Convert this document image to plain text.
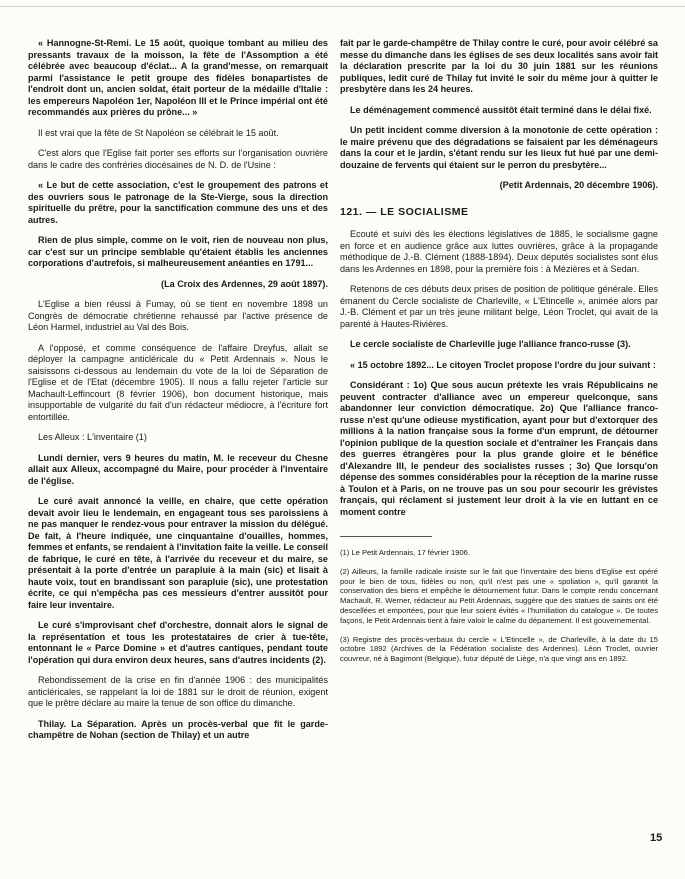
« Hannogne-St-Remi. Le 15 août, quoique tombant au milieu des pressants travaux de la moisson, la fête de l'Assomption a été célébrée avec beaucoup d'éclat... A la grand'messe, on remarquait parmi l'assistance le petit groupe des fidèles bonapartistes de l'endroit dont un, ancien soldat, était porteur de la médaille d'Italie : les empereurs Napoléon 1er, Napoléon III et le Prince impérial ont été recommandés aux prières du prône... »

Il est vrai que la fête de St Napoléon se célébrait le 15 août.

C'est alors que l'Eglise fait porter ses efforts sur l'organisation ouvrière dans le cadre des confréries diocésaines de N. D. de l'Usine :

« Le but de cette association, c'est le groupement des patrons et des ouvriers sous le patronage de la Ste-Vierge, sous la direction spirituelle du prêtre, pour la sanctification commune des uns et des autres.

Rien de plus simple, comme on le voit, rien de nouveau non plus, car c'est sur un principe semblable qu'étaient établis les anciennes corporations d'autrefois, si malheureusement anéanties en 1791...

(La Croix des Ardennes, 29 août 1897).

L'Eglise a bien réussi à Fumay, où se tient en novembre 1898 un Congrès de démocratie chrétienne rehaussé par l'active présence de Léon Harmel, industriel au Val des Bois.

A l'opposé, et comme conséquence de l'affaire Dreyfus, allait se déployer la campagne anticléricale du « Petit Ardennais ». Nous le saisissons ci-dessous au lendemain du vote de la loi de Séparation de l'Eglise et de l'Etat (décembre 1905). Il nous a fallu rejeter l'article sur Machault-Leffincourt (8 février 1906), bon document historique, mais insupportable de vulgarité du fait d'un rédacteur médiocre, à l'écriture fort entortillée.

Les Alleux : L'inventaire (1)

Lundi dernier, vers 9 heures du matin, M. le receveur du Chesne allait aux Alleux, accompagné du Maire, pour procéder à l'inventaire de l'église.

Le curé avait annoncé la veille, en chaire, que cette opération devait avoir lieu le lendemain, en engageant tous ses paroissiens à ne pas manquer le rendez-vous pour entraver la mission du délégué. De fait, à l'heure indiquée, une cinquantaine d'ouailles, hommes, femmes et enfants, se rendaient à l'invitation faite la veille. Le conseil de fabrique, le curé en tête, à l'arrivée du receveur et du maire, se présentait à la porte d'entrée un parapluie à la main (sic) et lisait à haute voix, tout en brandissant son parapluie (sic), une protestation écrite, ce qui n'empêcha pas ces messieurs d'entrer aussitôt pour faire leur inventaire.

Le curé s'improvisant chef d'orchestre, donnait alors le signal de la représentation et tous les protestataires de crier à tue-tête, entonnant le « Parce Domine » et d'autres cantiques, pendant toute l'opération qui dura environ deux heures, sans d'autres incidents (2).

Rebondissement de la crise en fin d'année 1906 : des municipalités anticléricales, se rappelant la loi de 1881 sur le droit de réunion, exigent que le prêtre déclare au maire la tenue de son office du dimanche.

Thilay. La Séparation. Après un procès-verbal que fit le garde-champêtre de Nohan (section de Thilay) et un autre

fait par le garde-champêtre de Thilay contre le curé, pour avoir célébré sa messe du dimanche dans les églises de ses deux localités sans avoir fait la déclaration prescrite par la loi du 30 juin 1881 sur les réunions publiques, ledit curé de Thilay fut invité le soir du même jour à quitter le presbytère dans les 24 heures.

Le déménagement commencé aussitôt était terminé dans le délai fixé.

Un petit incident comme diversion à la monotonie de cette opération : le maire prévenu que des dégradations se faisaient par les déménageurs dans la cour et le jardin, s'étant rendu sur les lieux fut hué par une demi-douzaine de fervents qui étaient sur le perron du presbytère...

(Petit Ardennais, 20 décembre 1906).

121. — LE SOCIALISME

Ecouté et suivi dès les élections législatives de 1885, le socialisme gagne en force et en audience grâce aux luttes ouvrières, grâce à la propagande méthodique de J.-B. Clément (1888-1894). Deux députés socialistes sont élus dans les Ardennes en 1898, pour la première fois : à Mézières et à Sedan.

Retenons de ces débuts deux prises de position de politique générale. Elles émanent du Cercle socialiste de Charleville, « L'Etincelle », animée alors par J.-B. Clément et par un très jeune militant belge, Léon Troclet, qui avait de la parenté à Hautes-Rivières.

Le cercle socialiste de Charleville juge l'alliance franco-russe (3).

« 15 octobre 1892... Le citoyen Troclet propose l'ordre du jour suivant :

Considérant : 1o) Que sous aucun prétexte les vrais Républicains ne peuvent contracter d'alliance avec un empereur quelconque, sans abandonner leur conviction démocratique. 2o) Que l'alliance franco-russe n'est qu'une odieuse mystification, ayant pour but d'extorquer des millions à la nation française sous la forme d'un emprunt, de détourner l'opinion publique de la question sociale et d'entraîner les Français dans des guerres étrangères pour la plus grande gloire et le bénéfice d'Alexandre III, le pendeur des socialistes russes ; 3o) Que lorsqu'on dépense des sommes considérables pour la réception de la marine russe à Toulon et à Paris, on ne trouve pas un sou pour secourir les grévistes français, qui réclament si justement leur droit à la vie en luttant en ce moment contre

(1) Le Petit Ardennais, 17 février 1906.

(2) Ailleurs, la famille radicale insiste sur le fait que l'inventaire des biens d'Eglise est opéré pour le bien de tous, fidèles ou non, qu'il n'est pas une « spoliation », qu'il garantit la conservation des biens et empêche le détournement futur. Dans le compte rendu concernant Machault, R. Werner, rédacteur au Petit Ardennais, suggère que des statues de saints ont été descellées et emportées, pour que leur soient évités « l'humiliation du catalogue ». De toutes façons, le Petit Ardennais tient à faire valoir le calme du département. Il est gouvernemental.

(3) Registre des procès-verbaux du cercle « L'Etincelle », de Charleville, à la date du 15 octobre 1892 (Archives de la Fédération socialiste des Ardennes). Léon Troclet, ouvrier couvreur, né à Bagimont (Belgique), futur député de Liège, n'a que vingt ans en 1892.

15
